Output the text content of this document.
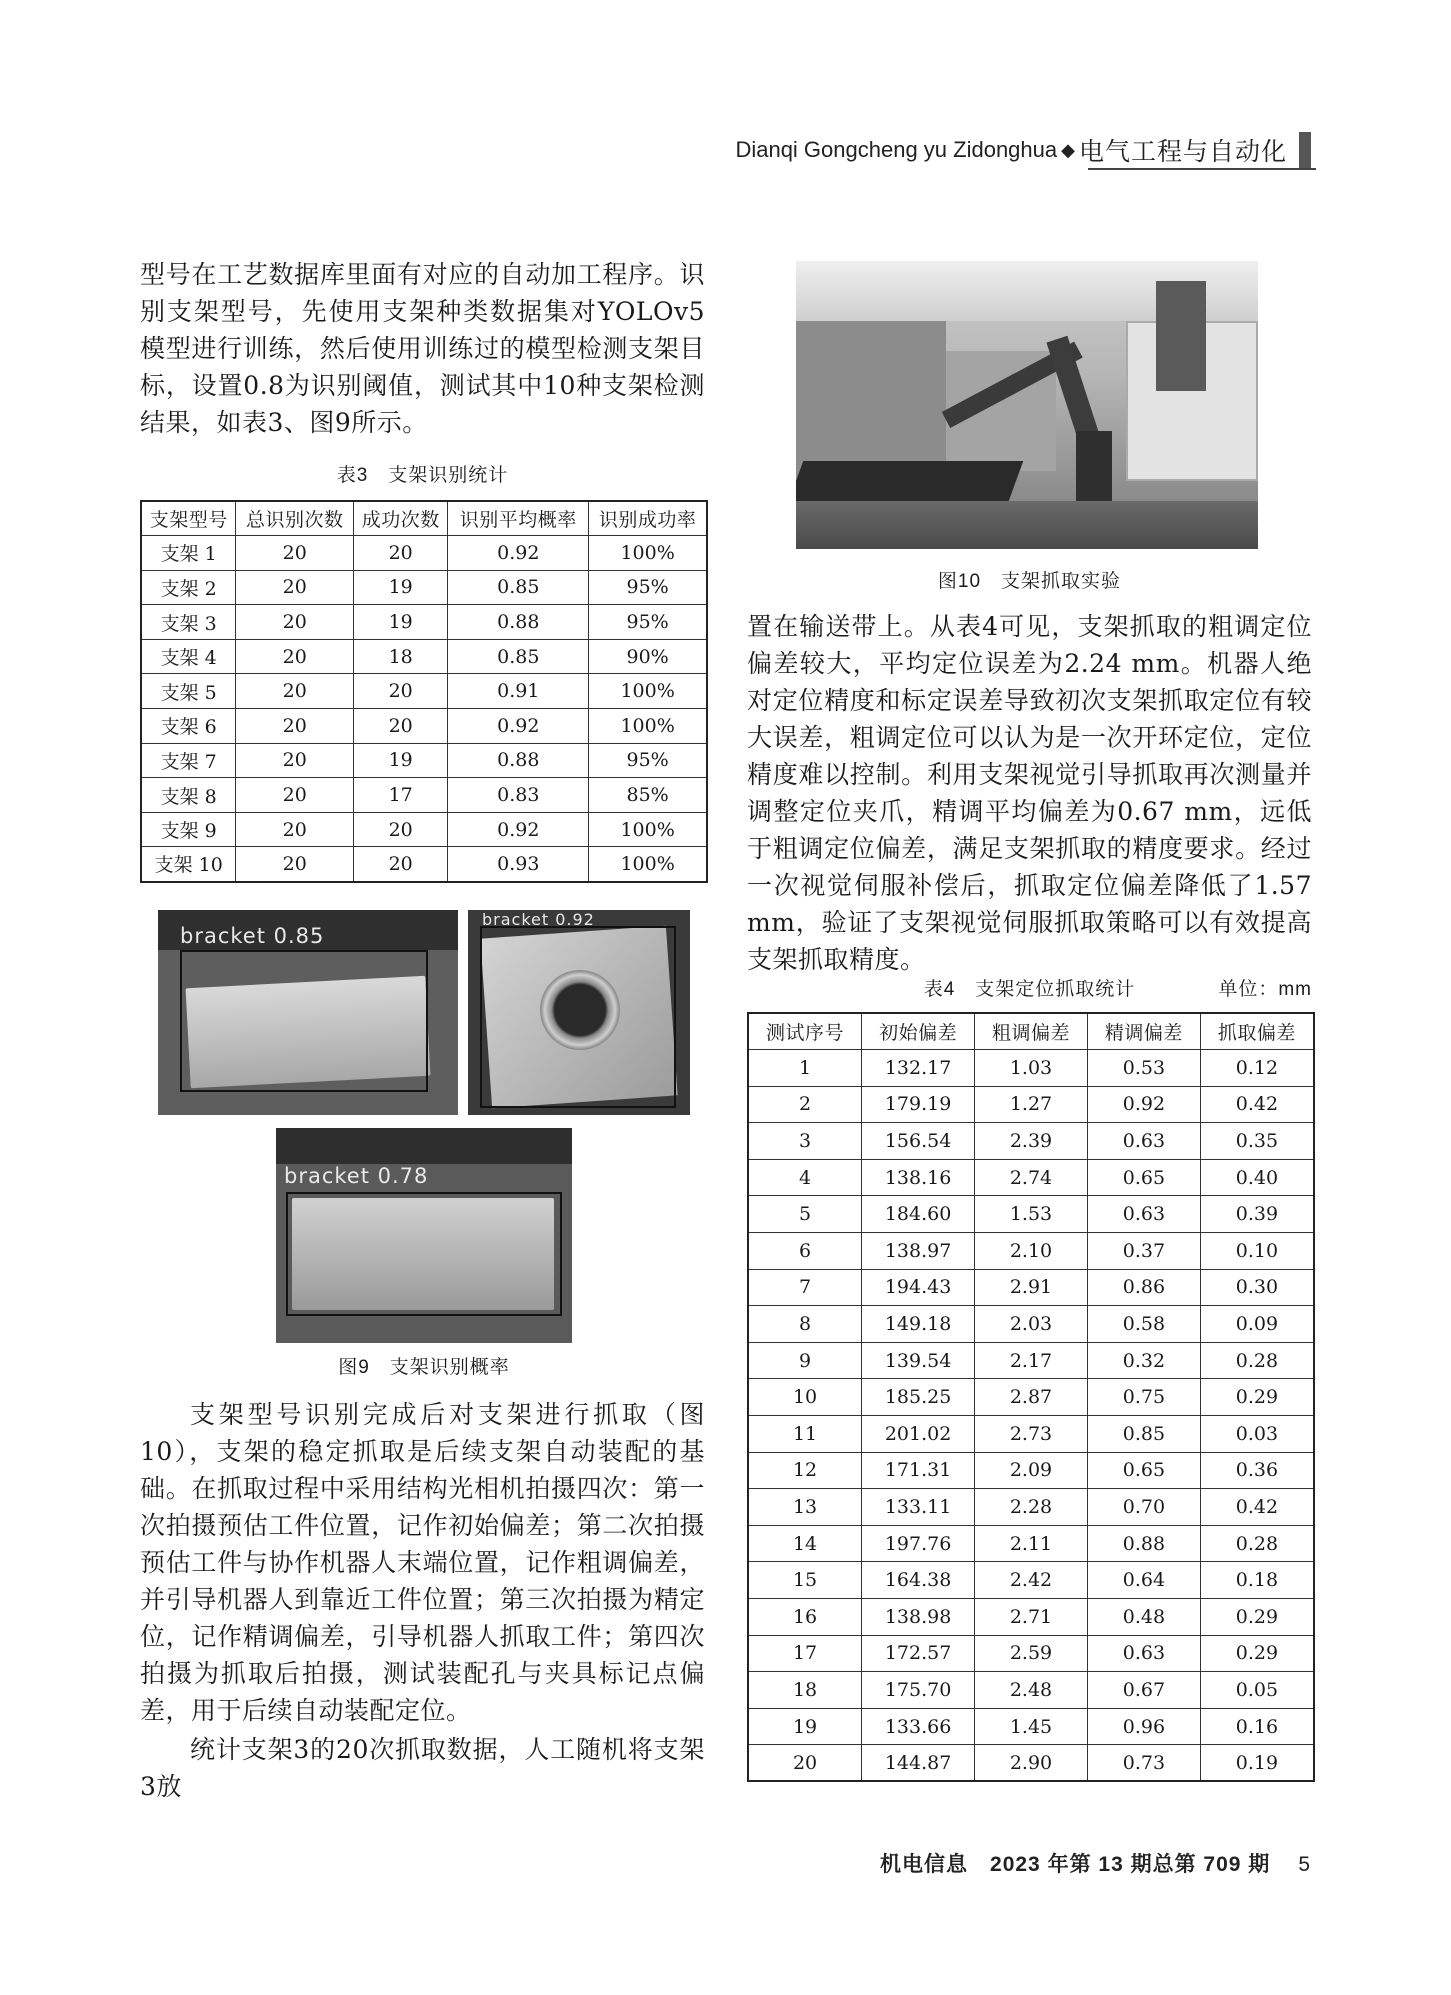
Dianqi Gongcheng yu Zidonghua ◆ 电气工程与自动化

型号在工艺数据库里面有对应的自动加工程序。识别支架型号，先使用支架种类数据集对YOLOv5模型进行训练，然后使用训练过的模型检测支架目标，设置0.8为识别阈值，测试其中10种支架检测结果，如表3、图9所示。

表3　支架识别统计
支架型号	总识别次数	成功次数	识别平均概率	识别成功率
支架 1	20	20	0.92	100%
支架 2	20	19	0.85	95%
支架 3	20	19	0.88	95%
支架 4	20	18	0.85	90%
支架 5	20	20	0.91	100%
支架 6	20	20	0.92	100%
支架 7	20	19	0.88	95%
支架 8	20	17	0.83	85%
支架 9	20	20	0.92	100%
支架 10	20	20	0.93	100%
bracket 0.85
bracket 0.92
bracket 0.78
图9　支架识别概率

支架型号识别完成后对支架进行抓取（图10），支架的稳定抓取是后续支架自动装配的基础。在抓取过程中采用结构光相机拍摄四次：第一次拍摄预估工件位置，记作初始偏差；第二次拍摄预估工件与协作机器人末端位置，记作粗调偏差，并引导机器人到靠近工件位置；第三次拍摄为精定位，记作精调偏差，引导机器人抓取工件；第四次拍摄为抓取后拍摄，测试装配孔与夹具标记点偏差，用于后续自动装配定位。

统计支架3的20次抓取数据，人工随机将支架3放

图10　支架抓取实验

置在输送带上。从表4可见，支架抓取的粗调定位偏差较大，平均定位误差为2.24 mm。机器人绝对定位精度和标定误差导致初次支架抓取定位有较大误差，粗调定位可以认为是一次开环定位，定位精度难以控制。利用支架视觉引导抓取再次测量并调整定位夹爪，精调平均偏差为0.67 mm，远低于粗调定位偏差，满足支架抓取的精度要求。经过一次视觉伺服补偿后，抓取定位偏差降低了1.57 mm，验证了支架视觉伺服抓取策略可以有效提高支架抓取精度。

表4　支架定位抓取统计	单位：mm
测试序号	初始偏差	粗调偏差	精调偏差	抓取偏差
1	132.17	1.03	0.53	0.12
2	179.19	1.27	0.92	0.42
3	156.54	2.39	0.63	0.35
4	138.16	2.74	0.65	0.40
5	184.60	1.53	0.63	0.39
6	138.97	2.10	0.37	0.10
7	194.43	2.91	0.86	0.30
8	149.18	2.03	0.58	0.09
9	139.54	2.17	0.32	0.28
10	185.25	2.87	0.75	0.29
11	201.02	2.73	0.85	0.03
12	171.31	2.09	0.65	0.36
13	133.11	2.28	0.70	0.42
14	197.76	2.11	0.88	0.28
15	164.38	2.42	0.64	0.18
16	138.98	2.71	0.48	0.29
17	172.57	2.59	0.63	0.29
18	175.70	2.48	0.67	0.05
19	133.66	1.45	0.96	0.16
20	144.87	2.90	0.73	0.19
机电信息　2023 年第 13 期总第 709 期 5
